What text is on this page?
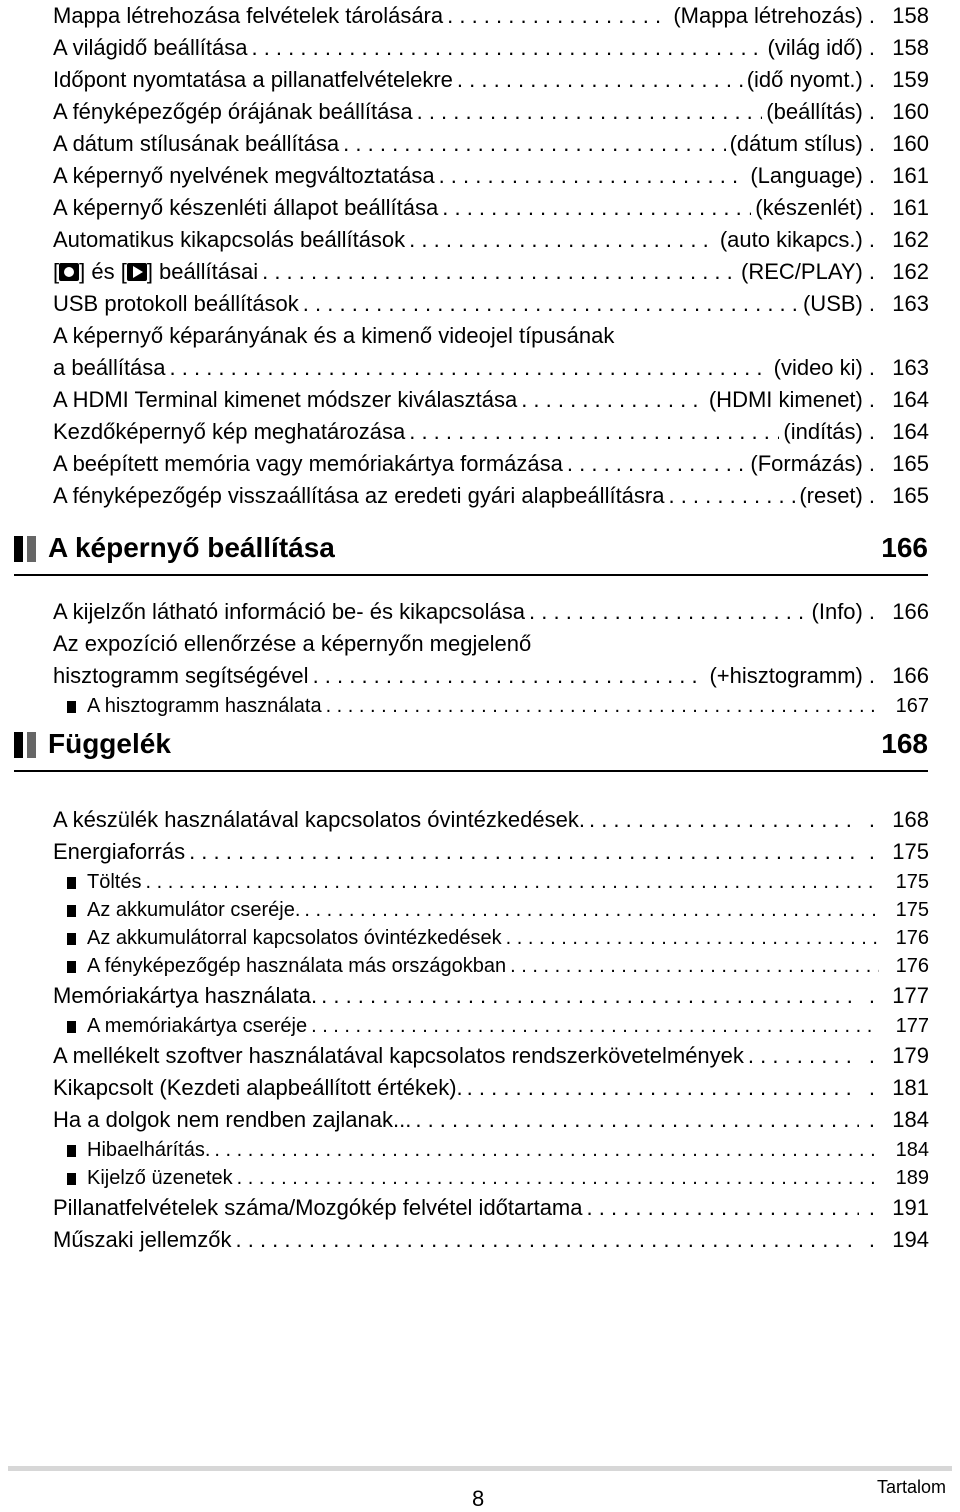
Mappa létrehozása felvételek tárolására . . .	(Mappa létrehozás) . 158
A világidő beállítása . . .	(világ idő) . 158
Időpont nyomtatása a pillanatfelvételekre . . .	(idő nyomt.) . 159
A fényképezőgép órájának beállítása . . .	(beállítás) . 160
A dátum stílusának beállítása . . .	(dátum stílus) . 160
A képernyő nyelvének megváltoztatása . . .	(Language) . 161
A képernyő készenléti állapot beállítása . . .	(készenlét) . 161
Automatikus kikapcsolás beállítások . . .	(auto kikapcs.) . 162
[ ] és [ ] beállításai . . .	(REC/PLAY) . 162
USB protokoll beállítások . . .	(USB) . 163
A képernyő képarányának és a kimenő videojel típusának
a beállítása . . .	(video ki) . 163
A HDMI Terminal kimenet módszer kiválasztása . . .	(HDMI kimenet) . 164
Kezdőképernyő kép meghatározása . . .	(indítás) . 164
A beépített memória vagy memóriakártya formázása . . .	(Formázás) . 165
A fényképezőgép visszaállítása az eredeti gyári alapbeállításra . . .	(reset) . 165
A kijelzőn látható információ be- és kikapcsolása . . .	(Info) . 166
Az expozíció ellenőrzése a képernyőn megjelenő
hisztogramm segítségével . . .	(+hisztogramm) . 166
A hisztogramm használata . . .	167
A készülék használatával kapcsolatos óvintézkedések. . . .	. 168
Energiaforrás . . .	. 175
Töltés . . .	175
Az akkumulátor cseréje. . . .	175
Az akkumulátorral kapcsolatos óvintézkedések . . .	176
A fényképezőgép használata más országokban . . .	176
Memóriakártya használata. . . .	. 177
A memóriakártya cseréje . . .	177
A mellékelt szoftver használatával kapcsolatos rendszerkövetelmények . . .	. 179
Kikapcsolt (Kezdeti alapbeállított értékek). . . .	. 181
Ha a dolgok nem rendben zajlanak... . . .	. 184
Hibaelhárítás. . . .	184
Kijelző üzenetek . . .	189
Pillanatfelvételek száma/Mozgókép felvétel időtartama . . .	. 191
Műszaki jellemzők . . .	. 194
A képernyő beállítása	166
Függelék	168
Tartalom
8
